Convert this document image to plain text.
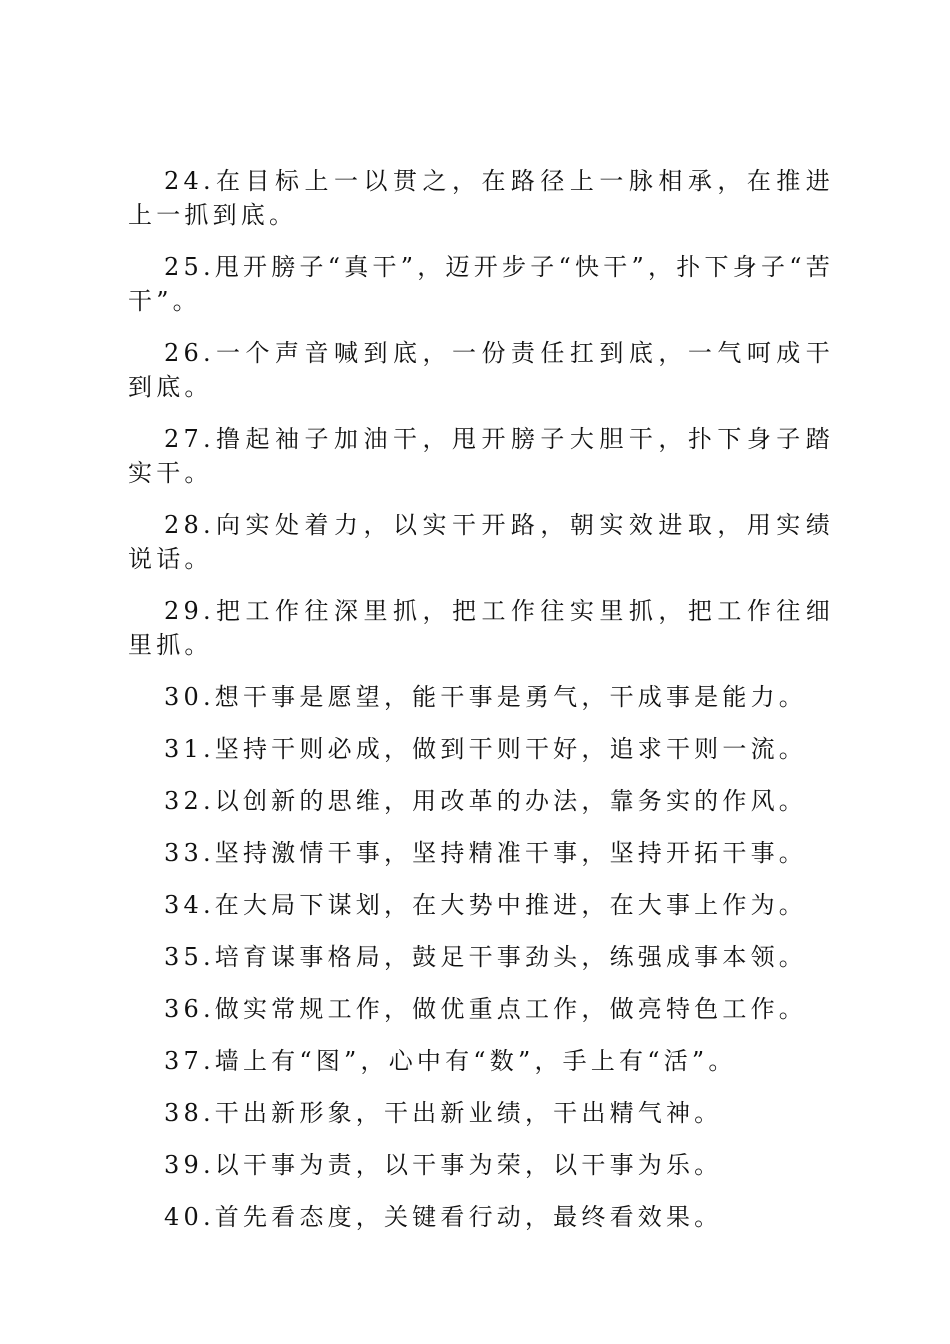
24.在目标上一以贯之，在路径上一脉相承，在推进上一抓到底。

25.甩开膀子“真干”，迈开步子“快干”，扑下身子“苦干”。

26.一个声音喊到底，一份责任扛到底，一气呵成干到底。

27.撸起袖子加油干，甩开膀子大胆干，扑下身子踏实干。

28.向实处着力，以实干开路，朝实效进取，用实绩说话。

29.把工作往深里抓，把工作往实里抓，把工作往细里抓。

30.想干事是愿望，能干事是勇气，干成事是能力。

31.坚持干则必成，做到干则干好，追求干则一流。

32.以创新的思维，用改革的办法，靠务实的作风。

33.坚持激情干事，坚持精准干事，坚持开拓干事。

34.在大局下谋划，在大势中推进，在大事上作为。

35.培育谋事格局，鼓足干事劲头，练强成事本领。

36.做实常规工作，做优重点工作，做亮特色工作。

37.墙上有“图”，心中有“数”，手上有“活”。

38.干出新形象，干出新业绩，干出精气神。

39.以干事为责，以干事为荣，以干事为乐。

40.首先看态度，关键看行动，最终看效果。
